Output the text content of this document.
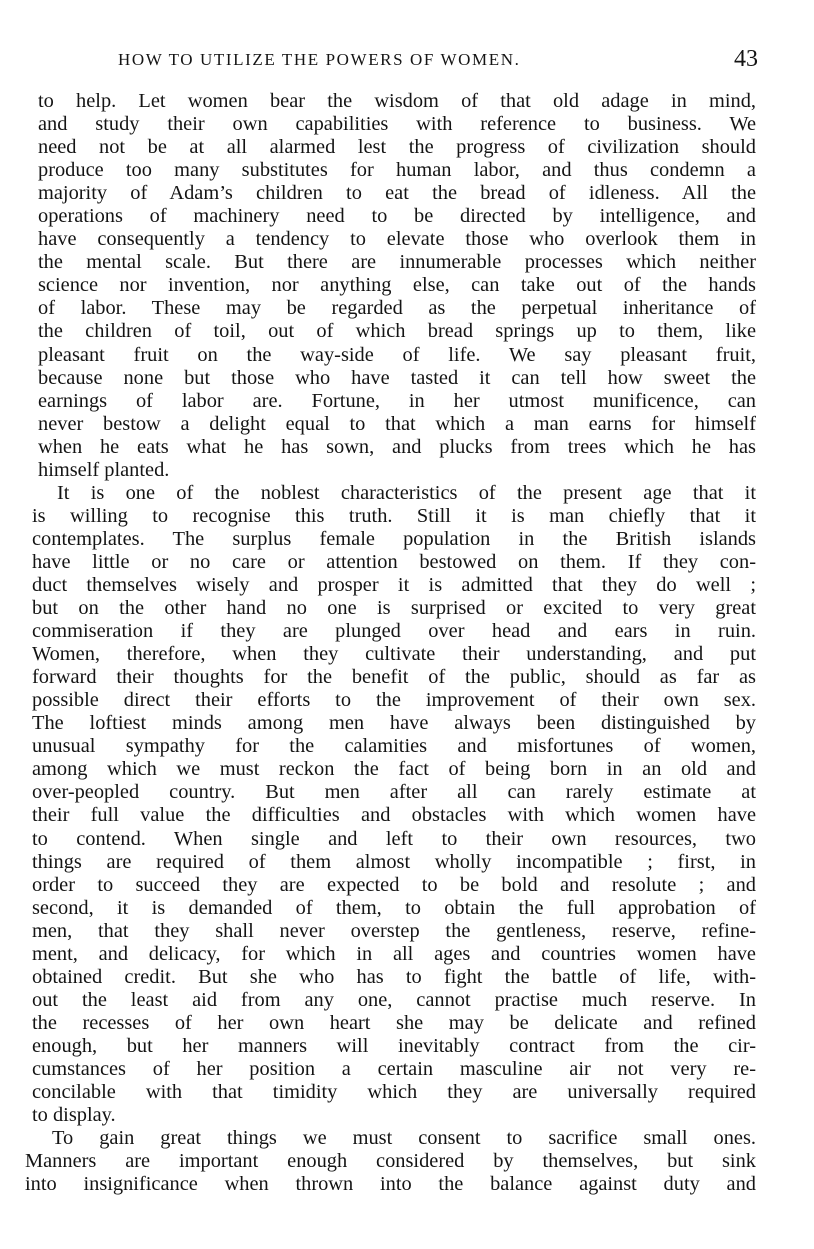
HOW TO UTILIZE THE POWERS OF WOMEN.	43
to help. Let women bear the wisdom of that old adage in mind,
and study their own capabilities with reference to business. We
need not be at all alarmed lest the progress of civilization should
produce too many substitutes for human labor, and thus condemn a
majority of Adam’s children to eat the bread of idleness. All the
operations of machinery need to be directed by intelligence, and
have consequently a tendency to elevate those who overlook them in
the mental scale. But there are innumerable processes which neither
science nor invention, nor anything else, can take out of the hands
of labor. These may be regarded as the perpetual inheritance of
the children of toil, out of which bread springs up to them, like
pleasant fruit on the way-side of life. We say pleasant fruit,
because none but those who have tasted it can tell how sweet the
earnings of labor are. Fortune, in her utmost munificence, can
never bestow a delight equal to that which a man earns for himself
when he eats what he has sown, and plucks from trees which he has
himself planted.
It is one of the noblest characteristics of the present age that it
is willing to recognise this truth. Still it is man chiefly that it
contemplates. The surplus female population in the British islands
have little or no care or attention bestowed on them. If they con-
duct themselves wisely and prosper it is admitted that they do well ;
but on the other hand no one is surprised or excited to very great
commiseration if they are plunged over head and ears in ruin.
Women, therefore, when they cultivate their understanding, and put
forward their thoughts for the benefit of the public, should as far as
possible direct their efforts to the improvement of their own sex.
The loftiest minds among men have always been distinguished by
unusual sympathy for the calamities and misfortunes of women,
among which we must reckon the fact of being born in an old and
over-peopled country. But men after all can rarely estimate at
their full value the difficulties and obstacles with which women have
to contend. When single and left to their own resources, two
things are required of them almost wholly incompatible ; first, in
order to succeed they are expected to be bold and resolute ; and
second, it is demanded of them, to obtain the full approbation of
men, that they shall never overstep the gentleness, reserve, refine-
ment, and delicacy, for which in all ages and countries women have
obtained credit. But she who has to fight the battle of life, with-
out the least aid from any one, cannot practise much reserve. In
the recesses of her own heart she may be delicate and refined
enough, but her manners will inevitably contract from the cir-
cumstances of her position a certain masculine air not very re-
concilable with that timidity which they are universally required
to display.
To gain great things we must consent to sacrifice small ones.
Manners are important enough considered by themselves, but sink
into insignificance when thrown into the balance against duty and
